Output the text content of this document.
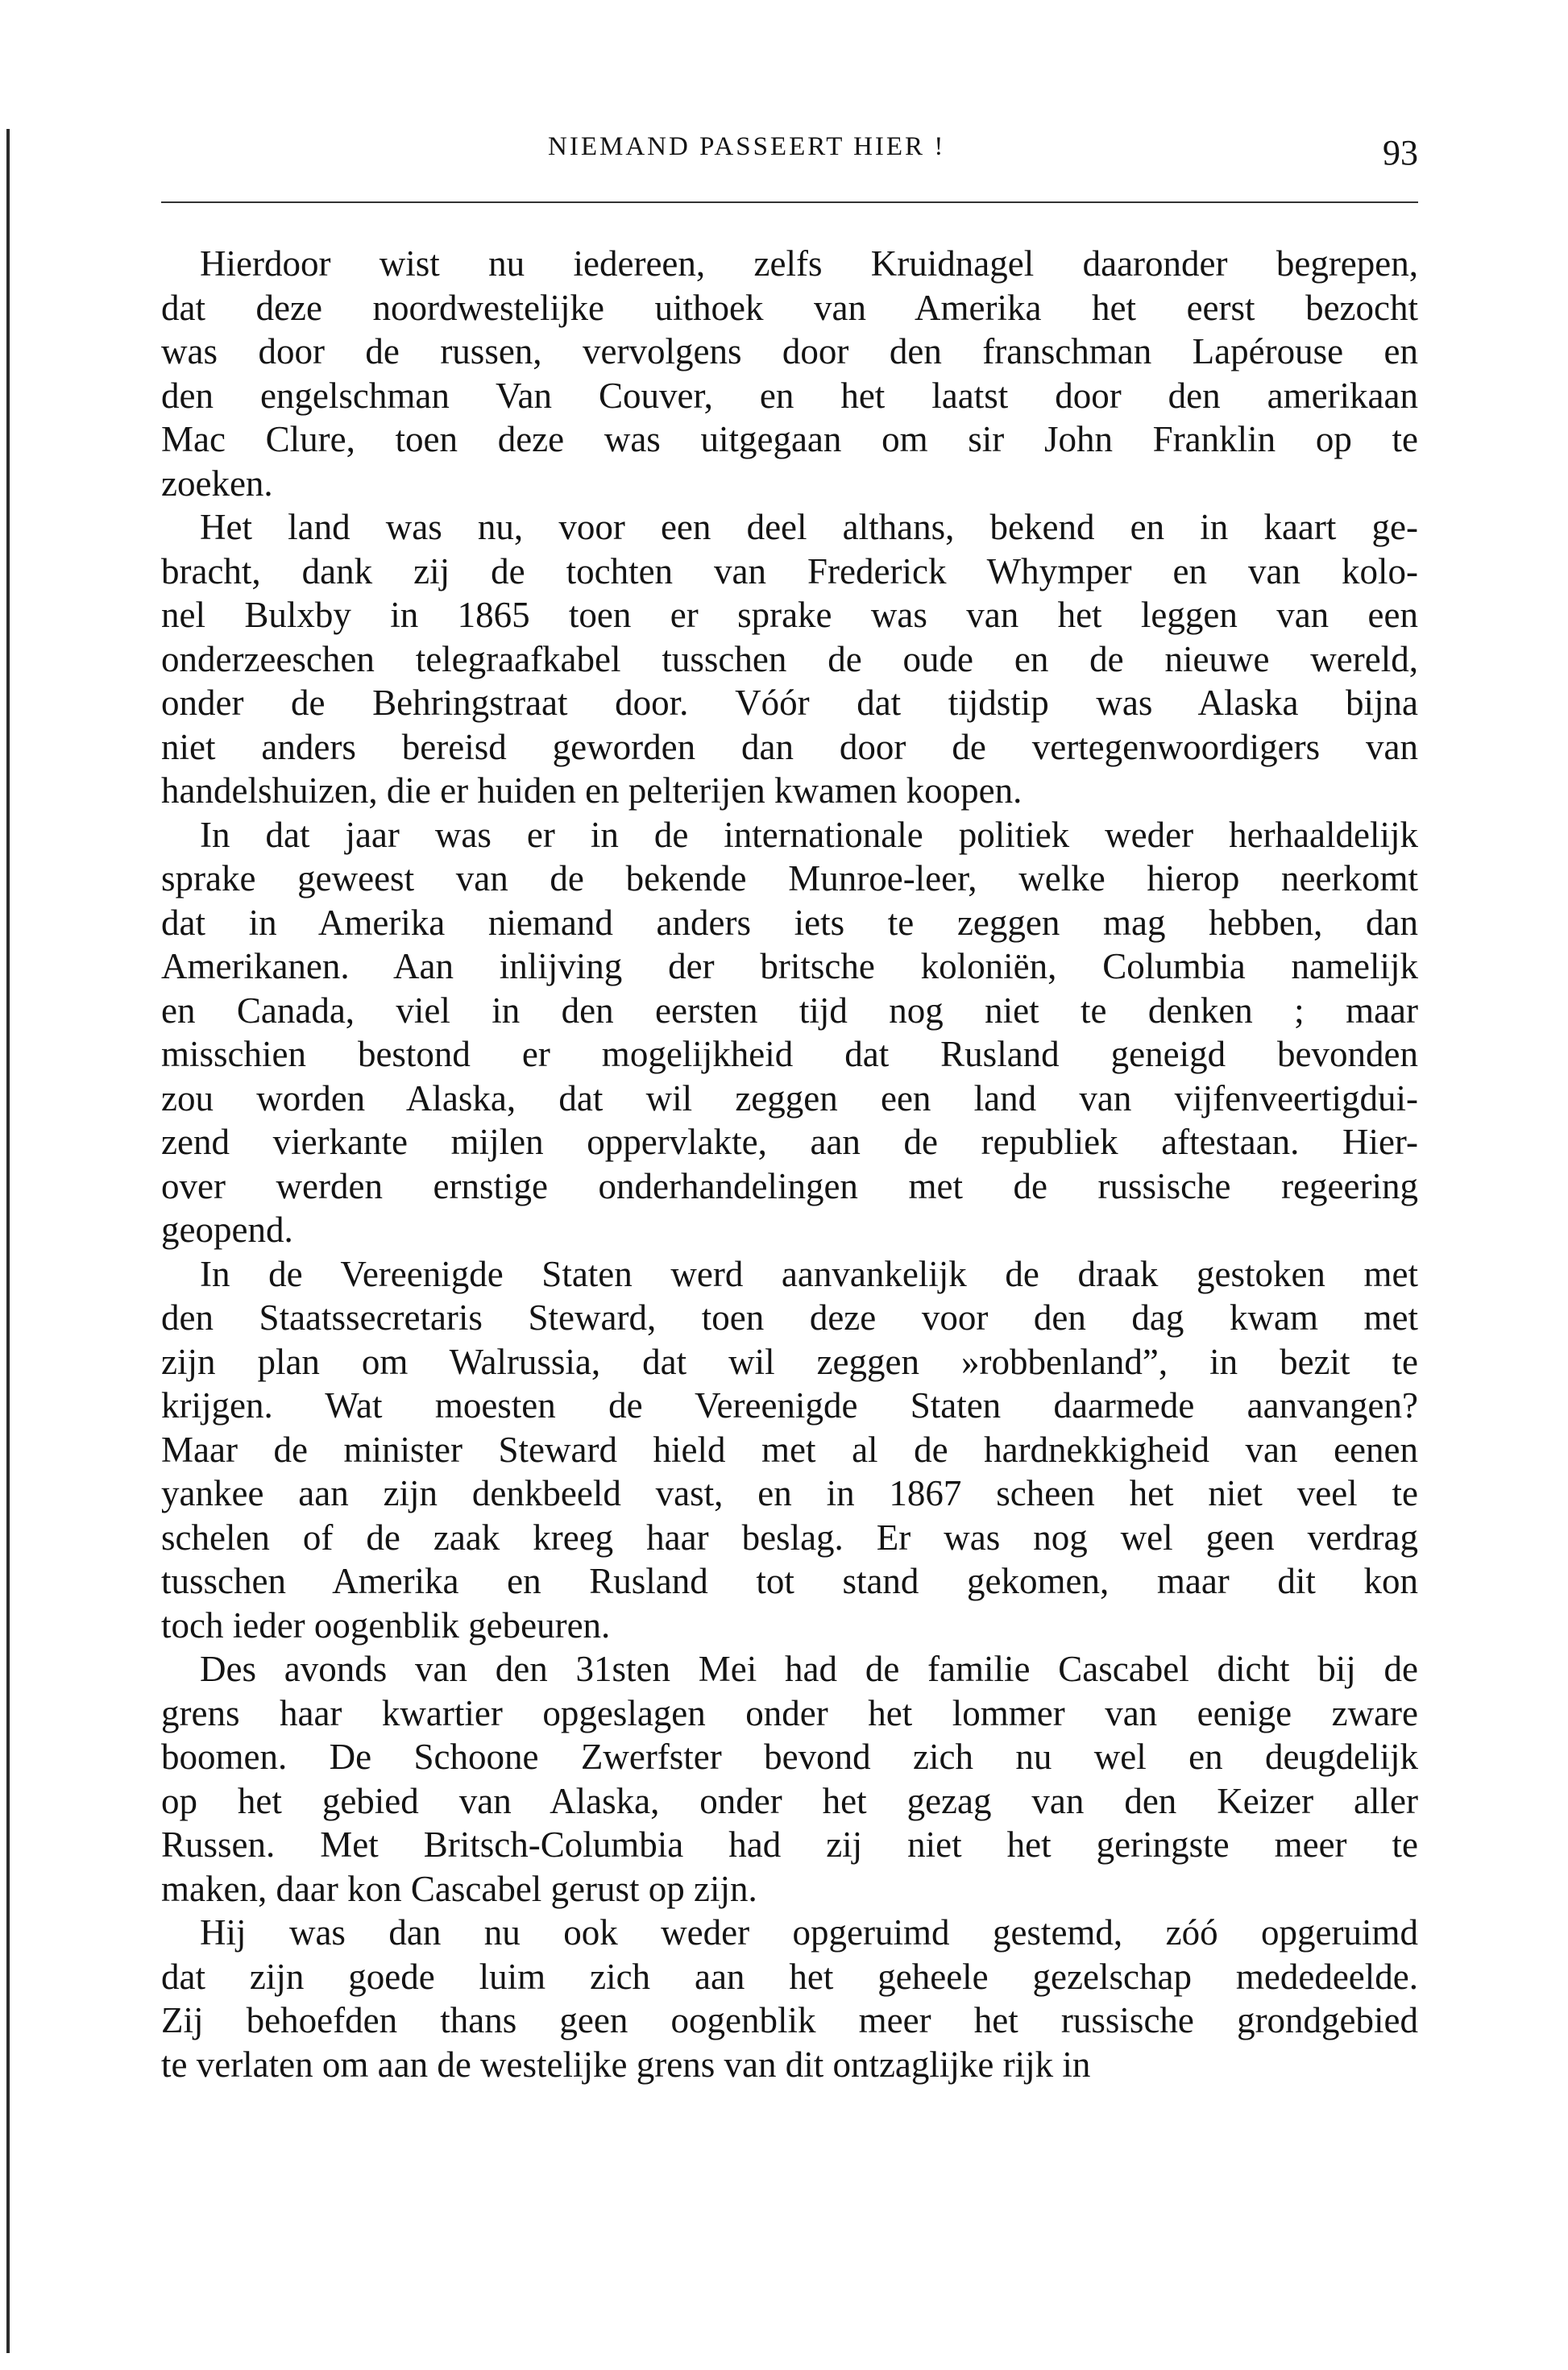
NIEMAND PASSEERT HIER !	93
Hierdoor wist nu iedereen, zelfs Kruidnagel daaronder begrepen,
dat deze noordwestelijke uithoek van Amerika het eerst bezocht
was door de russen, vervolgens door den franschman Lapérouse en
den engelschman Van Couver, en het laatst door den amerikaan
Mac Clure, toen deze was uitgegaan om sir John Franklin op te
zoeken.
Het land was nu, voor een deel althans, bekend en in kaart ge-
bracht, dank zij de tochten van Frederick Whymper en van kolo-
nel Bulxby in 1865 toen er sprake was van het leggen van een
onderzeeschen telegraafkabel tusschen de oude en de nieuwe wereld,
onder de Behringstraat door. Vóór dat tijdstip was Alaska bijna
niet anders bereisd geworden dan door de vertegenwoordigers van
handelshuizen, die er huiden en pelterijen kwamen koopen.
In dat jaar was er in de internationale politiek weder herhaaldelijk
sprake geweest van de bekende Munroe-leer, welke hierop neerkomt
dat in Amerika niemand anders iets te zeggen mag hebben, dan
Amerikanen. Aan inlijving der britsche koloniën, Columbia namelijk
en Canada, viel in den eersten tijd nog niet te denken ; maar
misschien bestond er mogelijkheid dat Rusland geneigd bevonden
zou worden Alaska, dat wil zeggen een land van vijfenveertigdui-
zend vierkante mijlen oppervlakte, aan de republiek aftestaan. Hier-
over werden ernstige onderhandelingen met de russische regeering
geopend.
In de Vereenigde Staten werd aanvankelijk de draak gestoken met
den Staatssecretaris Steward, toen deze voor den dag kwam met
zijn plan om Walrussia, dat wil zeggen »robbenland”, in bezit te
krijgen. Wat moesten de Vereenigde Staten daarmede aanvangen?
Maar de minister Steward hield met al de hardnekkigheid van eenen
yankee aan zijn denkbeeld vast, en in 1867 scheen het niet veel te
schelen of de zaak kreeg haar beslag. Er was nog wel geen verdrag
tusschen Amerika en Rusland tot stand gekomen, maar dit kon
toch ieder oogenblik gebeuren.
Des avonds van den 31sten Mei had de familie Cascabel dicht bij de
grens haar kwartier opgeslagen onder het lommer van eenige zware
boomen. De Schoone Zwerfster bevond zich nu wel en deugdelijk
op het gebied van Alaska, onder het gezag van den Keizer aller
Russen. Met Britsch-Columbia had zij niet het geringste meer te
maken, daar kon Cascabel gerust op zijn.
Hij was dan nu ook weder opgeruimd gestemd, zóó opgeruimd
dat zijn goede luim zich aan het geheele gezelschap mededeelde.
Zij behoefden thans geen oogenblik meer het russische grondgebied
te verlaten om aan de westelijke grens van dit ontzaglijke rijk in
